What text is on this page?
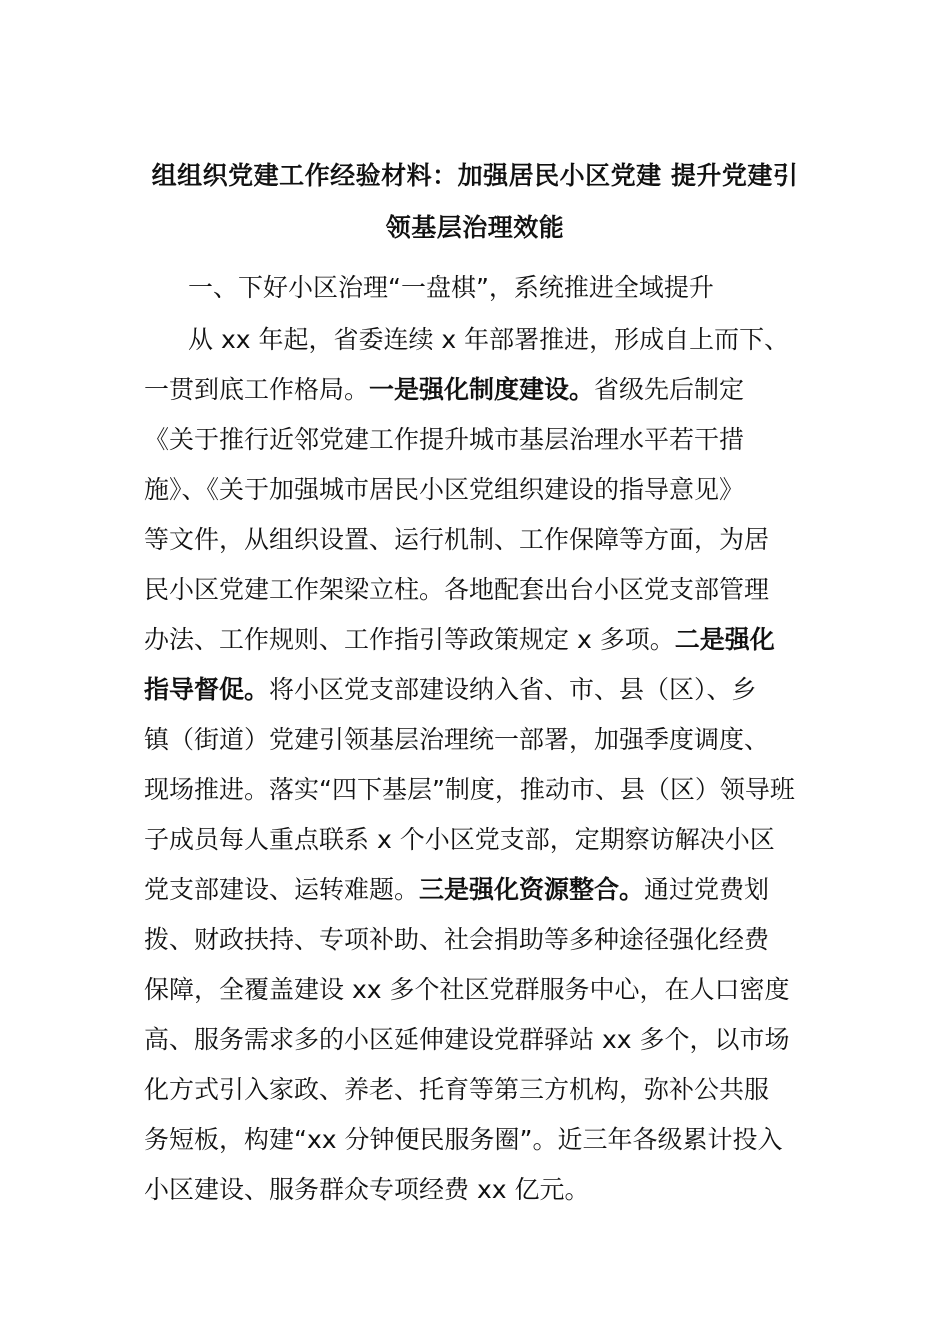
组组织党建工作经验材料：加强居民小区党建 提升党建引
领基层治理效能

一、下好小区治理“一盘棋”，系统推进全域提升

从 xx 年起，省委连续 x 年部署推进，形成自上而下、
一贯到底工作格局。一是强化制度建设。省级先后制定
《关于推行近邻党建工作提升城市基层治理水平若干措
施》、《关于加强城市居民小区党组织建设的指导意见》
等文件，从组织设置、运行机制、工作保障等方面，为居
民小区党建工作架梁立柱。各地配套出台小区党支部管理
办法、工作规则、工作指引等政策规定 x 多项。二是强化
指导督促。将小区党支部建设纳入省、市、县（区）、乡
镇（街道）党建引领基层治理统一部署，加强季度调度、
现场推进。落实“四下基层”制度，推动市、县（区）领导班
子成员每人重点联系 x 个小区党支部，定期察访解决小区
党支部建设、运转难题。三是强化资源整合。通过党费划
拨、财政扶持、专项补助、社会捐助等多种途径强化经费
保障，全覆盖建设 xx 多个社区党群服务中心，在人口密度
高、服务需求多的小区延伸建设党群驿站 xx 多个，以市场
化方式引入家政、养老、托育等第三方机构，弥补公共服
务短板，构建“xx 分钟便民服务圈”。近三年各级累计投入
小区建设、服务群众专项经费 xx 亿元。
